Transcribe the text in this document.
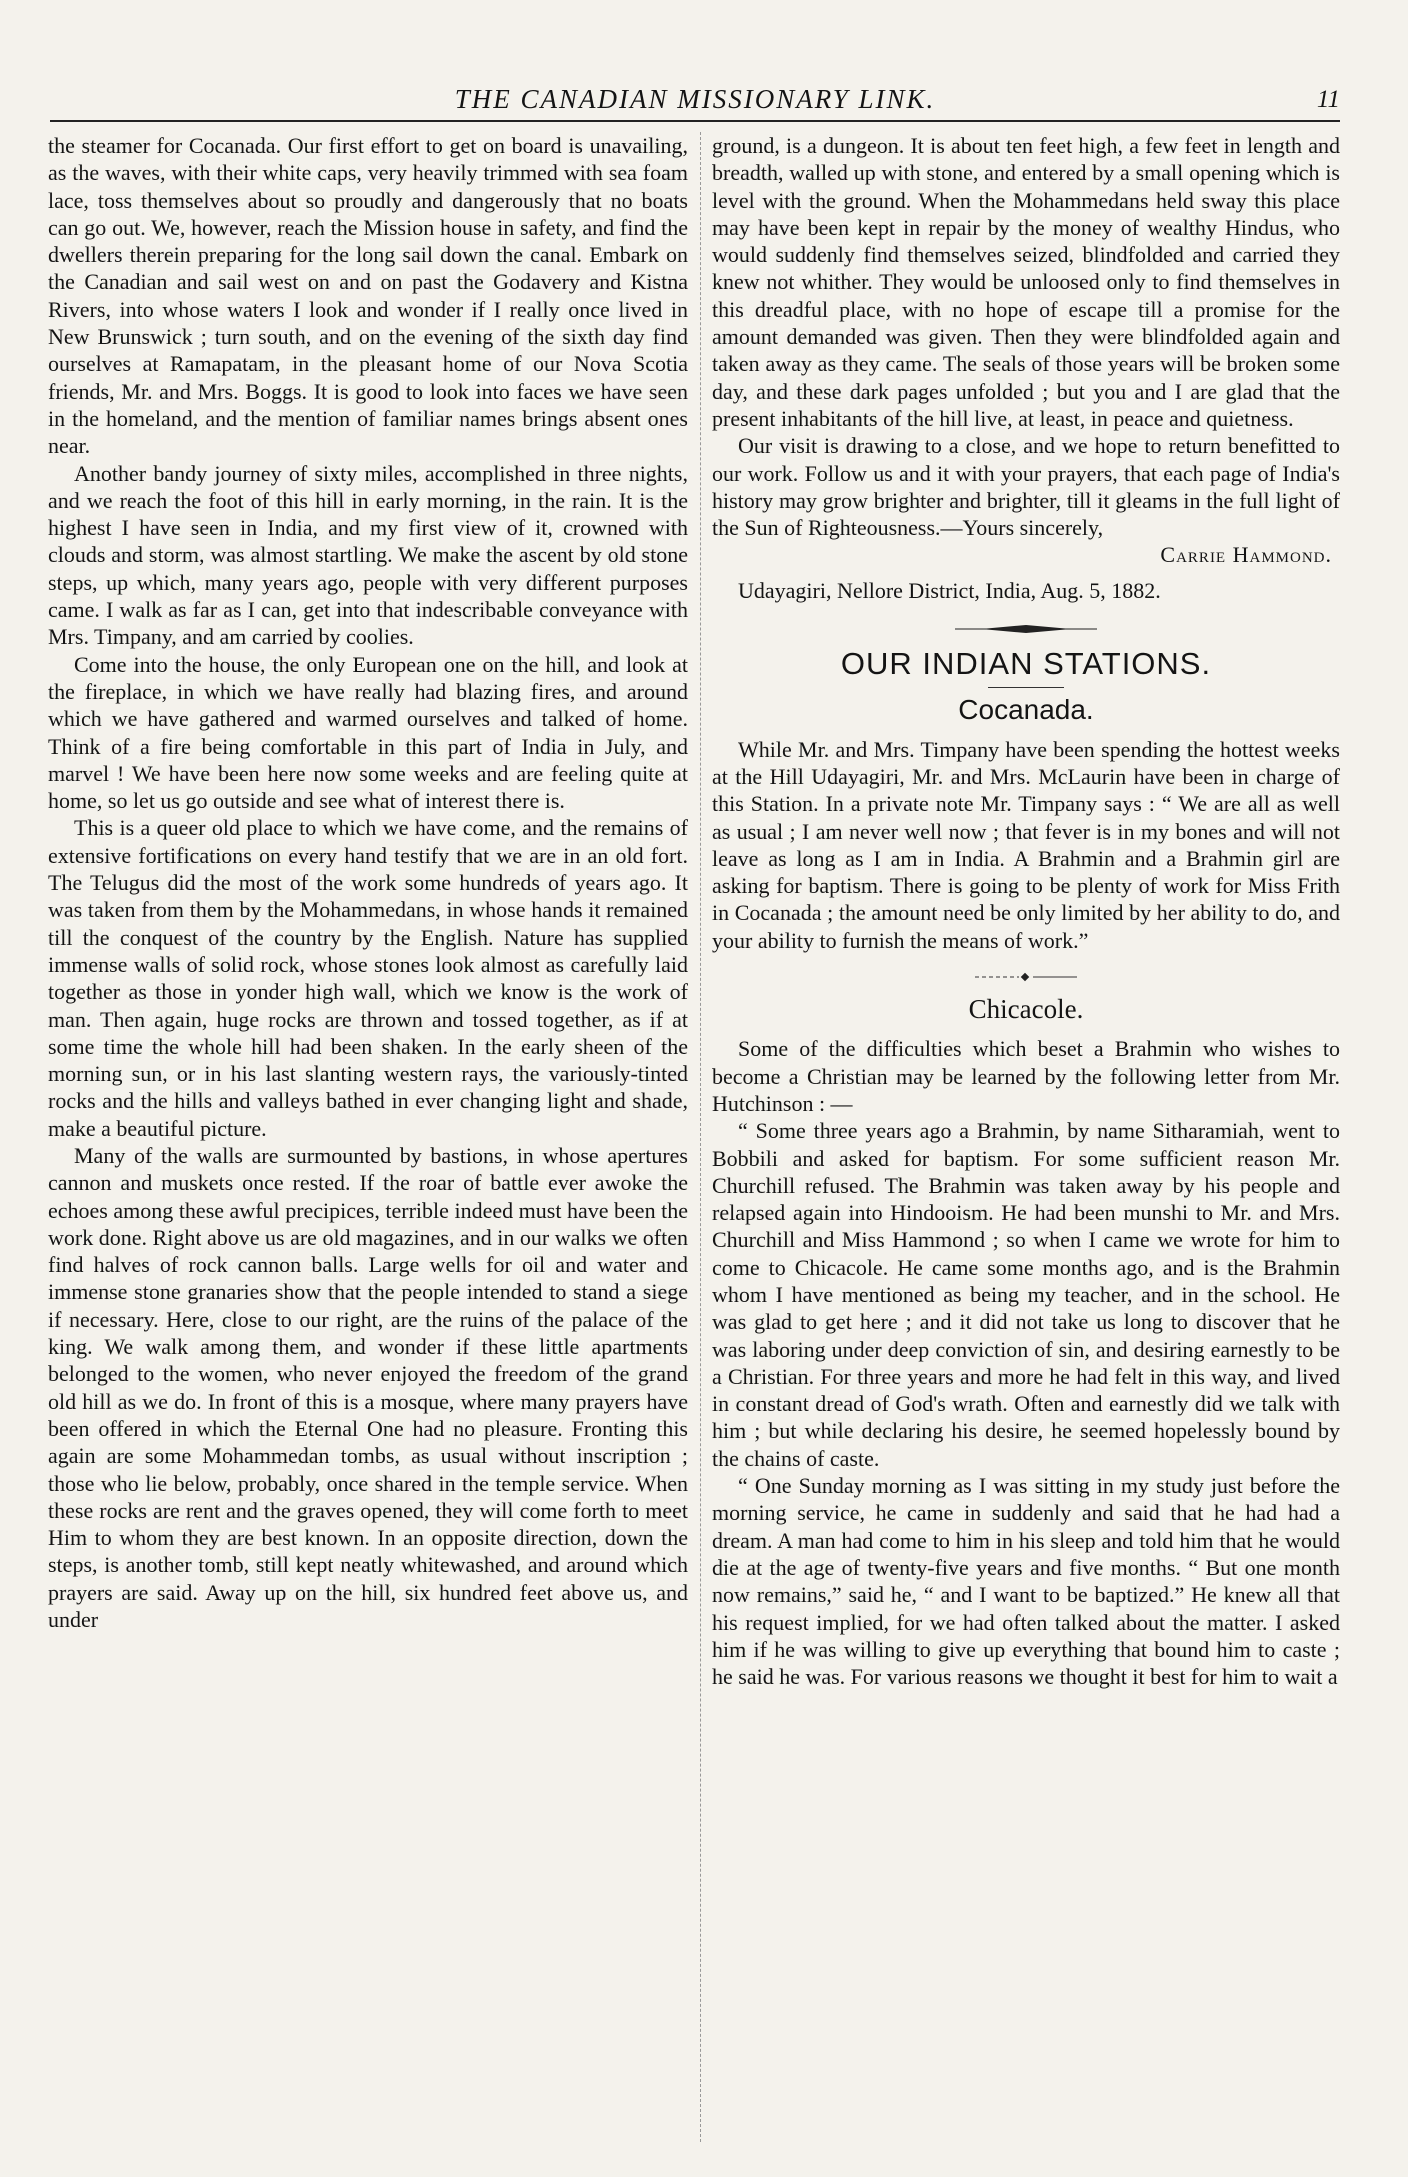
THE CANADIAN MISSIONARY LINK.	11

the steamer for Cocanada. Our first effort to get on board is unavailing, as the waves, with their white caps, very heavily trimmed with sea foam lace, toss themselves about so proudly and dangerously that no boats can go out. We, however, reach the Mission house in safety, and find the dwellers therein preparing for the long sail down the canal. Embark on the Canadian and sail west on and on past the Godavery and Kistna Rivers, into whose waters I look and wonder if I really once lived in New Brunswick ; turn south, and on the evening of the sixth day find ourselves at Ramapatam, in the pleasant home of our Nova Scotia friends, Mr. and Mrs. Boggs. It is good to look into faces we have seen in the homeland, and the mention of familiar names brings absent ones near.

Another bandy journey of sixty miles, accomplished in three nights, and we reach the foot of this hill in early morning, in the rain. It is the highest I have seen in India, and my first view of it, crowned with clouds and storm, was almost startling. We make the ascent by old stone steps, up which, many years ago, people with very different purposes came. I walk as far as I can, get into that indescribable conveyance with Mrs. Timpany, and am carried by coolies.

Come into the house, the only European one on the hill, and look at the fireplace, in which we have really had blazing fires, and around which we have gathered and warmed ourselves and talked of home. Think of a fire being comfortable in this part of India in July, and marvel ! We have been here now some weeks and are feeling quite at home, so let us go outside and see what of interest there is.

This is a queer old place to which we have come, and the remains of extensive fortifications on every hand testify that we are in an old fort. The Telugus did the most of the work some hundreds of years ago. It was taken from them by the Mohammedans, in whose hands it remained till the conquest of the country by the English. Nature has supplied immense walls of solid rock, whose stones look almost as carefully laid together as those in yonder high wall, which we know is the work of man. Then again, huge rocks are thrown and tossed together, as if at some time the whole hill had been shaken. In the early sheen of the morning sun, or in his last slanting western rays, the variously-tinted rocks and the hills and valleys bathed in ever changing light and shade, make a beautiful picture.

Many of the walls are surmounted by bastions, in whose apertures cannon and muskets once rested. If the roar of battle ever awoke the echoes among these awful precipices, terrible indeed must have been the work done. Right above us are old magazines, and in our walks we often find halves of rock cannon balls. Large wells for oil and water and immense stone granaries show that the people intended to stand a siege if necessary. Here, close to our right, are the ruins of the palace of the king. We walk among them, and wonder if these little apartments belonged to the women, who never enjoyed the freedom of the grand old hill as we do. In front of this is a mosque, where many prayers have been offered in which the Eternal One had no pleasure. Fronting this again are some Mohammedan tombs, as usual without inscription ; those who lie below, probably, once shared in the temple service. When these rocks are rent and the graves opened, they will come forth to meet Him to whom they are best known. In an opposite direction, down the steps, is another tomb, still kept neatly whitewashed, and around which prayers are said. Away up on the hill, six hundred feet above us, and under

ground, is a dungeon. It is about ten feet high, a few feet in length and breadth, walled up with stone, and entered by a small opening which is level with the ground. When the Mohammedans held sway this place may have been kept in repair by the money of wealthy Hindus, who would suddenly find themselves seized, blindfolded and carried they knew not whither. They would be unloosed only to find themselves in this dreadful place, with no hope of escape till a promise for the amount demanded was given. Then they were blindfolded again and taken away as they came. The seals of those years will be broken some day, and these dark pages unfolded ; but you and I are glad that the present inhabitants of the hill live, at least, in peace and quietness.

Our visit is drawing to a close, and we hope to return benefitted to our work. Follow us and it with your prayers, that each page of India's history may grow brighter and brighter, till it gleams in the full light of the Sun of Righteousness.—Yours sincerely,

Carrie Hammond.

Udayagiri, Nellore District, India, Aug. 5, 1882.

OUR INDIAN STATIONS.
Cocanada.

While Mr. and Mrs. Timpany have been spending the hottest weeks at the Hill Udayagiri, Mr. and Mrs. McLaurin have been in charge of this Station. In a private note Mr. Timpany says : “ We are all as well as usual ; I am never well now ; that fever is in my bones and will not leave as long as I am in India. A Brahmin and a Brahmin girl are asking for baptism. There is going to be plenty of work for Miss Frith in Cocanada ; the amount need be only limited by her ability to do, and your ability to furnish the means of work.”

Chicacole.

Some of the difficulties which beset a Brahmin who wishes to become a Christian may be learned by the following letter from Mr. Hutchinson : —

“ Some three years ago a Brahmin, by name Sitharamiah, went to Bobbili and asked for baptism. For some sufficient reason Mr. Churchill refused. The Brahmin was taken away by his people and relapsed again into Hindooism. He had been munshi to Mr. and Mrs. Churchill and Miss Hammond ; so when I came we wrote for him to come to Chicacole. He came some months ago, and is the Brahmin whom I have mentioned as being my teacher, and in the school. He was glad to get here ; and it did not take us long to discover that he was laboring under deep conviction of sin, and desiring earnestly to be a Christian. For three years and more he had felt in this way, and lived in constant dread of God's wrath. Often and earnestly did we talk with him ; but while declaring his desire, he seemed hopelessly bound by the chains of caste.

“ One Sunday morning as I was sitting in my study just before the morning service, he came in suddenly and said that he had had a dream. A man had come to him in his sleep and told him that he would die at the age of twenty-five years and five months. “ But one month now remains,” said he, “ and I want to be baptized.” He knew all that his request implied, for we had often talked about the matter. I asked him if he was willing to give up everything that bound him to caste ; he said he was. For various reasons we thought it best for him to wait a
